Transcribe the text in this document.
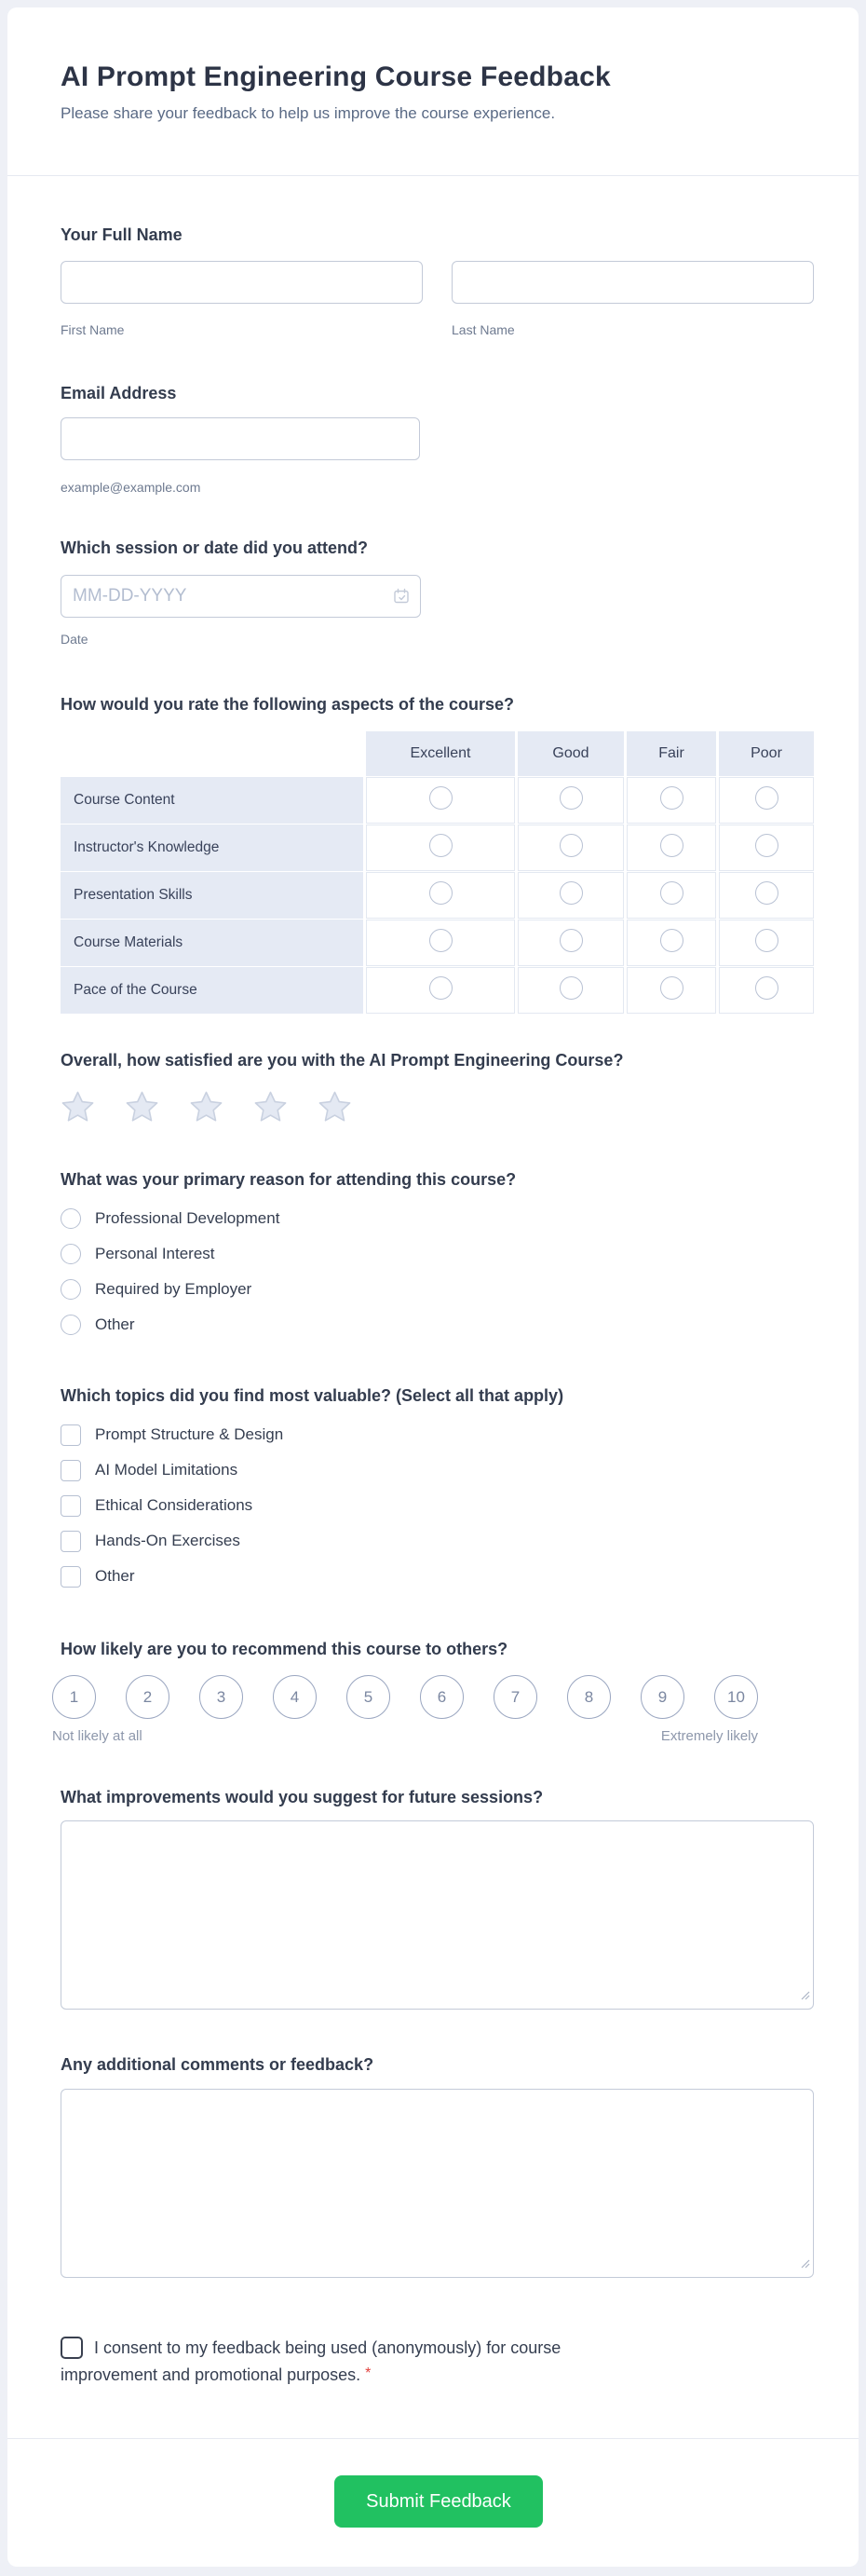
AI Prompt Engineering Course Feedback
Please share your feedback to help us improve the course experience.
Your Full Name
First Name	Last Name
Email Address
example@example.com
Which session or date did you attend?
MM-DD-YYYY
Date
How would you rate the following aspects of the course?
	Excellent	Good	Fair	Poor
Course Content				
Instructor's Knowledge				
Presentation Skills				
Course Materials				
Pace of the Course				
Overall, how satisfied are you with the AI Prompt Engineering Course?
What was your primary reason for attending this course?
Professional Development
Personal Interest
Required by Employer
Other
Which topics did you find most valuable? (Select all that apply)
Prompt Structure & Design
AI Model Limitations
Ethical Considerations
Hands-On Exercises
Other
How likely are you to recommend this course to others?
1	2	3	4	5	6	7	8	9	10
Not likely at all	Extremely likely
What improvements would you suggest for future sessions?
Any additional comments or feedback?
I consent to my feedback being used (anonymously) for course improvement and promotional purposes. *
Submit Feedback
